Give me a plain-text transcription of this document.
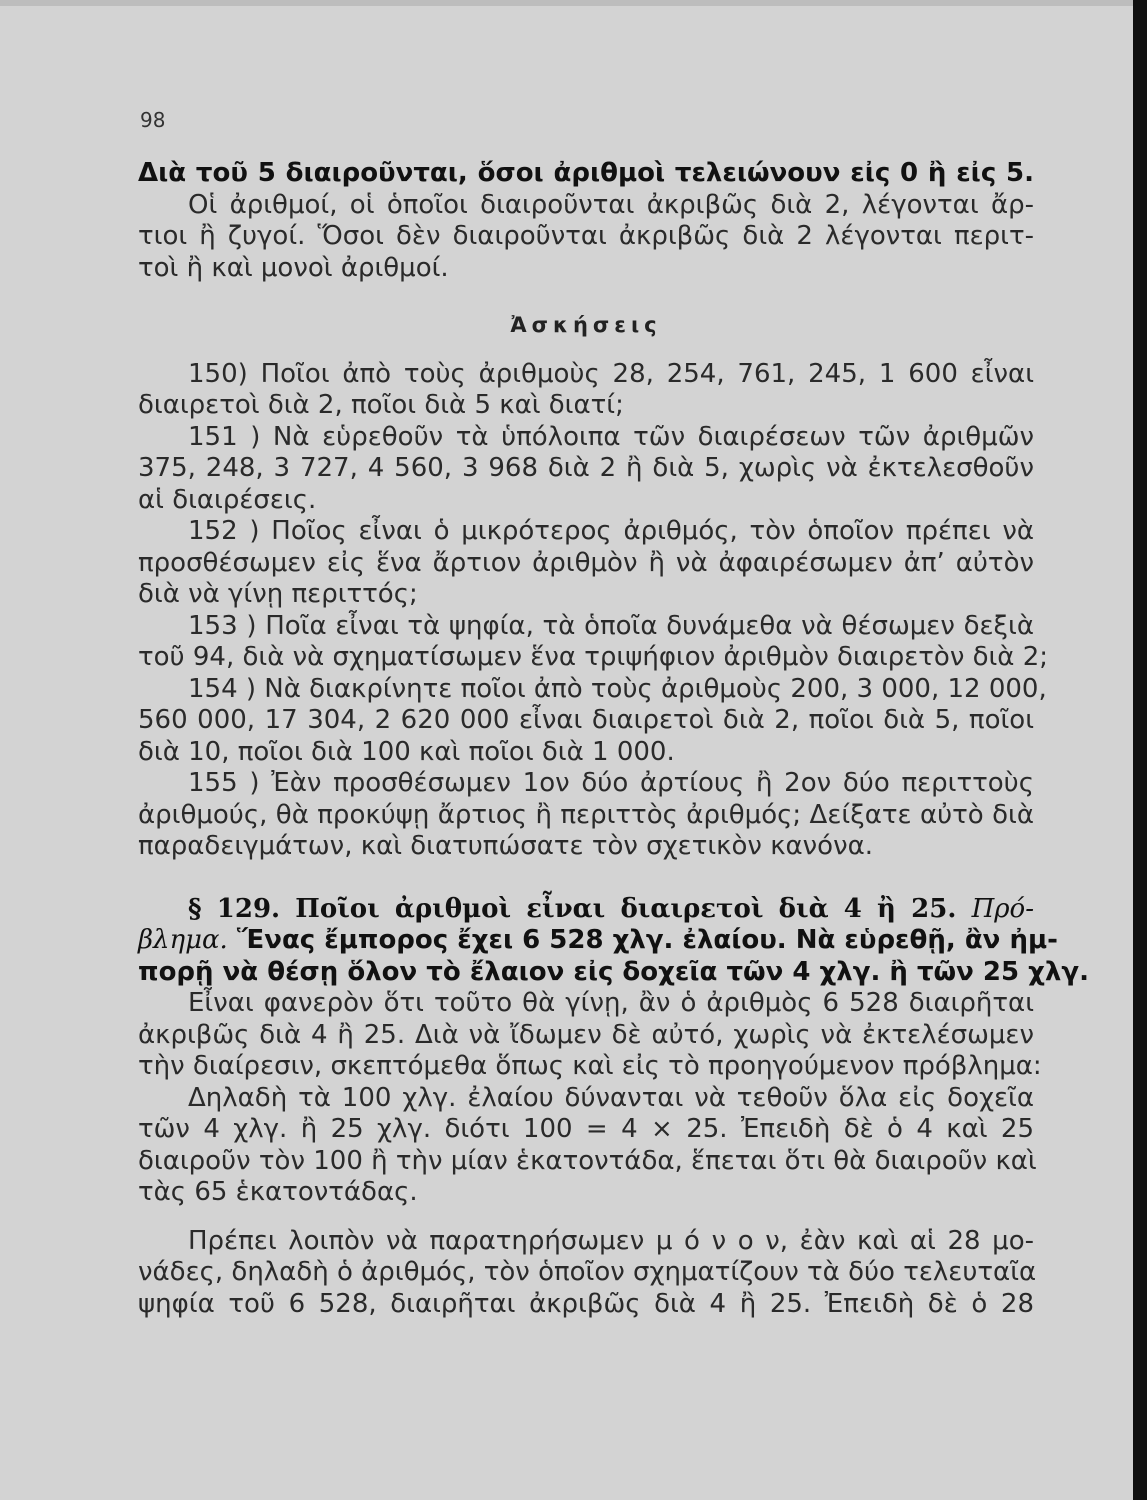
98
Διὰ τοῦ 5 διαιροῦνται, ὅσοι ἀριθμοὶ τελειώνουν εἰς 0 ἢ εἰς 5.
Οἱ ἀριθμοί, οἱ ὁποῖοι διαιροῦνται ἀκριβῶς διὰ 2, λέγονται ἄρ-
τιοι ἢ ζυγοί. Ὅσοι δὲν διαιροῦνται ἀκριβῶς διὰ 2 λέγονται περιτ-
τοὶ ἢ καὶ μονοὶ ἀριθμοί.
Ἀσκήσεις
150) Ποῖοι ἀπὸ τοὺς ἀριθμοὺς 28, 254, 761, 245, 1 600 εἶναι
διαιρετοὶ διὰ 2, ποῖοι διὰ 5 καὶ διατί;
151 ) Νὰ εὑρεθοῦν τὰ ὑπόλοιπα τῶν διαιρέσεων τῶν ἀριθμῶν
375, 248, 3 727, 4 560, 3 968 διὰ 2 ἢ διὰ 5, χωρὶς νὰ ἐκτελεσθοῦν
αἱ διαιρέσεις.
152 ) Ποῖος εἶναι ὁ μικρότερος ἀριθμός, τὸν ὁποῖον πρέπει νὰ
προσθέσωμεν εἰς ἕνα ἄρτιον ἀριθμὸν ἢ νὰ ἀφαιρέσωμεν ἀπ’ αὐτὸν
διὰ νὰ γίνῃ περιττός;
153 ) Ποῖα εἶναι τὰ ψηφία, τὰ ὁποῖα δυνάμεθα νὰ θέσωμεν δεξιὰ
τοῦ 94, διὰ νὰ σχηματίσωμεν ἕνα τριψήφιον ἀριθμὸν διαιρετὸν διὰ 2;
154 ) Νὰ διακρίνητε ποῖοι ἀπὸ τοὺς ἀριθμοὺς 200, 3 000, 12 000,
560 000, 17 304, 2 620 000 εἶναι διαιρετοὶ διὰ 2, ποῖοι διὰ 5, ποῖοι
διὰ 10, ποῖοι διὰ 100 καὶ ποῖοι διὰ 1 000.
155 ) Ἐὰν προσθέσωμεν 1ον δύο ἀρτίους ἢ 2ον δύο περιττοὺς
ἀριθμούς, θὰ προκύψῃ ἄρτιος ἢ περιττὸς ἀριθμός; Δείξατε αὐτὸ διὰ
παραδειγμάτων, καὶ διατυπώσατε τὸν σχετικὸν κανόνα.
§ 129. Ποῖοι ἀριθμοὶ εἶναι διαιρετοὶ διὰ 4 ἢ 25. Πρό-
βλημα. Ἕνας ἔμπορος ἔχει 6 528 χλγ. ἐλαίου. Νὰ εὑρεθῇ, ἂν ἠμ-
πορῇ νὰ θέσῃ ὅλον τὸ ἔλαιον εἰς δοχεῖα τῶν 4 χλγ. ἢ τῶν 25 χλγ.
Εἶναι φανερὸν ὅτι τοῦτο θὰ γίνῃ, ἂν ὁ ἀριθμὸς 6 528 διαιρῆται
ἀκριβῶς διὰ 4 ἢ 25. Διὰ νὰ ἴδωμεν δὲ αὐτό, χωρὶς νὰ ἐκτελέσωμεν
τὴν διαίρεσιν, σκεπτόμεθα ὅπως καὶ εἰς τὸ προηγούμενον πρόβλημα:
Δηλαδὴ τὰ 100 χλγ. ἐλαίου δύνανται νὰ τεθοῦν ὅλα εἰς δοχεῖα
τῶν 4 χλγ. ἢ 25 χλγ. διότι 100 = 4 × 25. Ἐπειδὴ δὲ ὁ 4 καὶ 25
διαιροῦν τὸν 100 ἢ τὴν μίαν ἑκατοντάδα, ἕπεται ὅτι θὰ διαιροῦν καὶ
τὰς 65 ἑκατοντάδας.
Πρέπει λοιπὸν νὰ παρατηρήσωμεν μ ό ν ο ν, ἐὰν καὶ αἱ 28 μο-
νάδες, δηλαδὴ ὁ ἀριθμός, τὸν ὁποῖον σχηματίζουν τὰ δύο τελευταῖα
ψηφία τοῦ 6 528, διαιρῆται ἀκριβῶς διὰ 4 ἢ 25. Ἐπειδὴ δὲ ὁ 28
